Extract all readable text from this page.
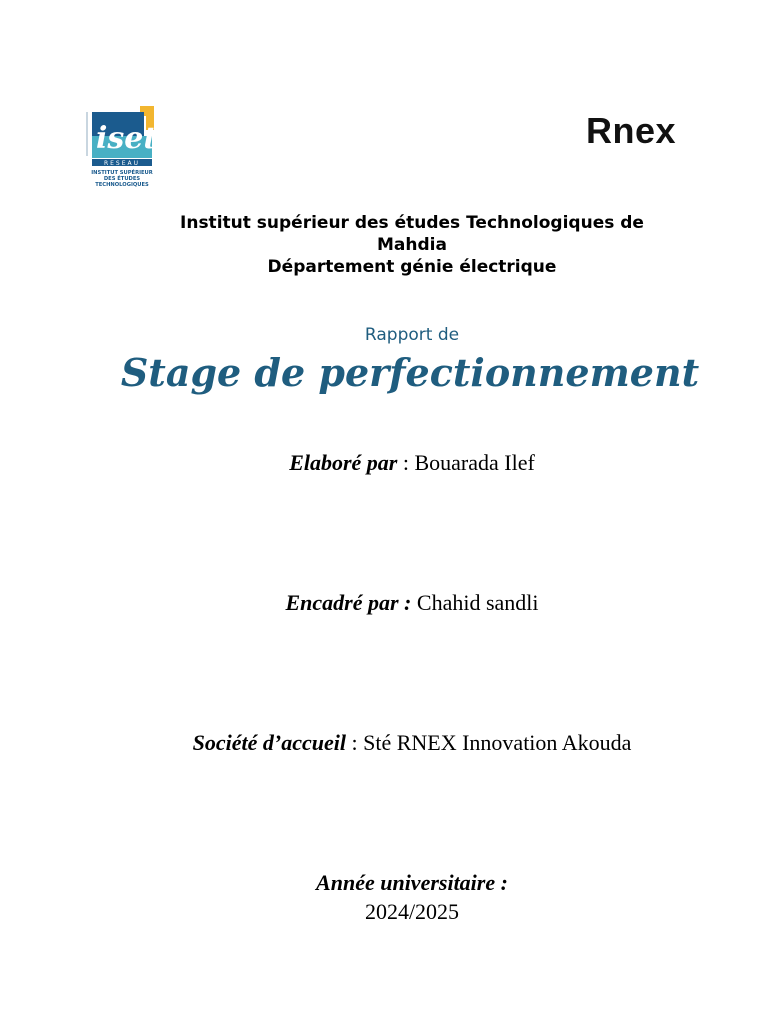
iset
RESEAU
INSTITUT SUPÉRIEUR
DES ÉTUDES
TECHNOLOGIQUES
Rnex
Institut supérieur des études Technologiques de
Mahdia
Département génie électrique
Rapport de
Stage de perfectionnement
Elaboré par : Bouarada Ilef
Encadré par : Chahid sandli
Société d’accueil : Sté RNEX Innovation Akouda
Année universitaire :
2024/2025
